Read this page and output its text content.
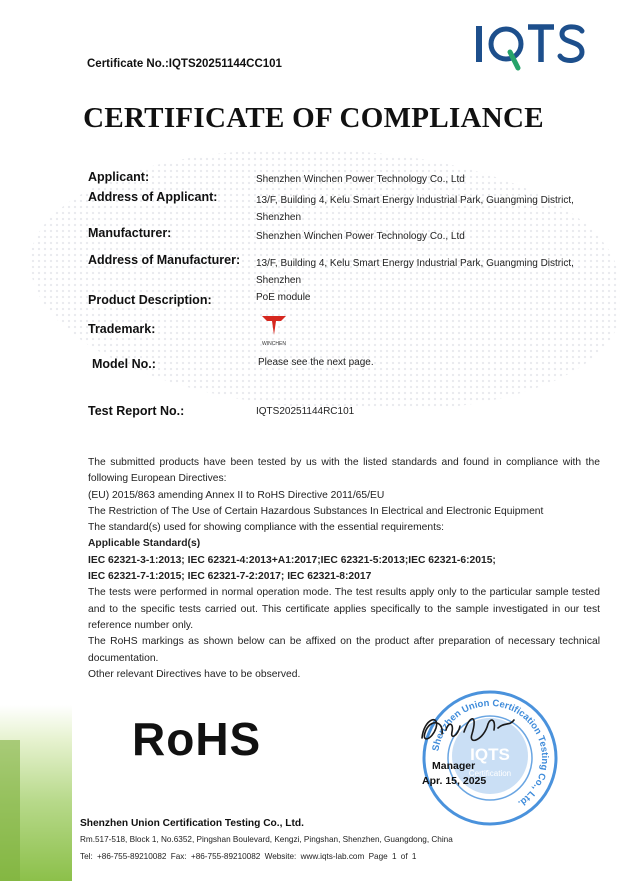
Certificate No.:IQTS20251144CC101
CERTIFICATE OF COMPLIANCE
Applicant:	Shenzhen Winchen Power Technology Co., Ltd
Address of Applicant:	13/F, Building 4, Kelu Smart Energy Industrial Park, Guangming District,
Shenzhen
Manufacturer:	Shenzhen Winchen Power Technology Co., Ltd
Address of Manufacturer: 13/F, Building 4, Kelu Smart Energy Industrial Park, Guangming District,
Shenzhen
Product Description:	PoE module
Trademark:
WINCHEN
Model No.:	Please see the next page.
Test Report No.:	IQTS20251144RC101

The submitted products have been tested by us with the listed standards and found in compliance with the following European Directives:

(EU) 2015/863 amending Annex II to RoHS Directive 2011/65/EU

The Restriction of The Use of Certain Hazardous Substances In Electrical and Electronic Equipment

The standard(s) used for showing compliance with the essential requirements:

Applicable Standard(s)

IEC 62321-3-1:2013; IEC 62321-4:2013+A1:2017;IEC 62321-5:2013;IEC 62321-6:2015;

IEC 62321-7-1:2015; IEC 62321-7-2:2017; IEC 62321-8:2017

The tests were performed in normal operation mode. The test results apply only to the particular sample tested and to the specific tests carried out. This certificate applies specifically to the sample investigated in our test reference number only.

The RoHS markings as shown below can be affixed on the product after preparation of necessary technical documentation.

Other relevant Directives have to be observed.

RoHS	Shenzhen Union Certification Testing Co., Ltd.
IQTS
Certification
Manager
Apr. 15, 2025
Shenzhen Union Certification Testing Co., Ltd.
Rm.517-518, Block 1, No.6352, Pingshan Boulevard, Kengzi, Pingshan, Shenzhen, Guangdong, China
Tel: +86-755-89210082 Fax: +86-755-89210082 Website: www.iqts-lab.com Page 1 of 1
